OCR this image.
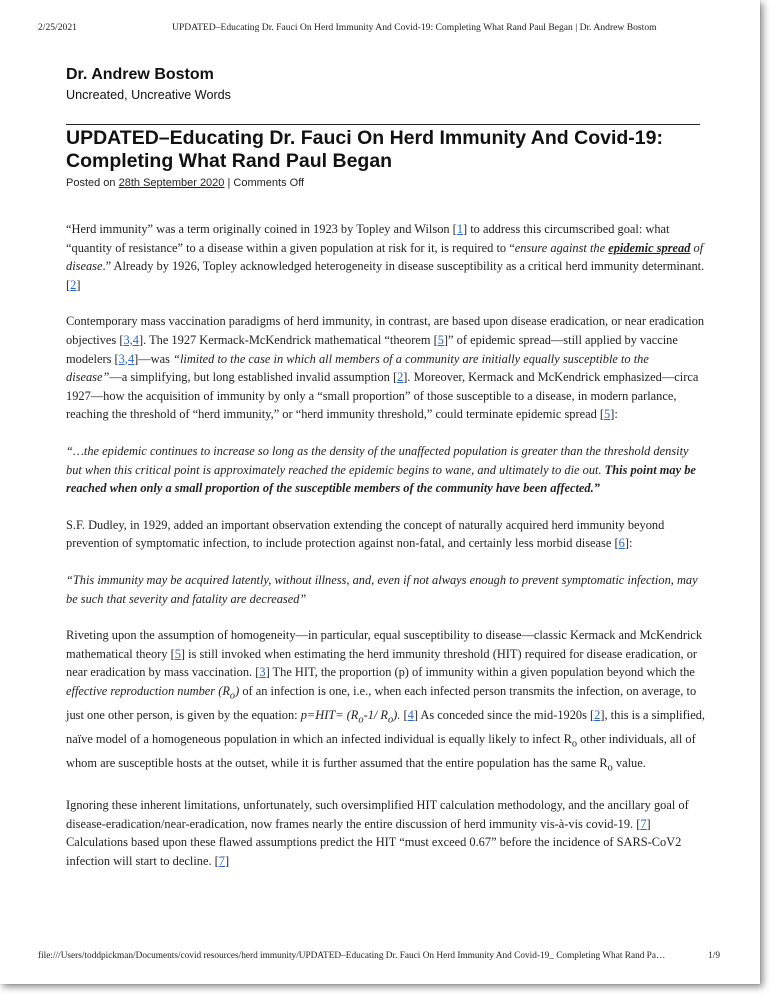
2/25/2021	UPDATED–Educating Dr. Fauci On Herd Immunity And Covid-19: Completing What Rand Paul Began | Dr. Andrew Bostom
Dr. Andrew Bostom
Uncreated, Uncreative Words
UPDATED–Educating Dr. Fauci On Herd Immunity And Covid-19: Completing What Rand Paul Began
Posted on 28th September 2020 | Comments Off

“Herd immunity” was a term originally coined in 1923 by Topley and Wilson [1] to address this circumscribed goal: what “quantity of resistance” to a disease within a given population at risk for it, is required to “ensure against the epidemic spread of disease.” Already by 1926, Topley acknowledged heterogeneity in disease susceptibility as a critical herd immunity determinant. [2]

Contemporary mass vaccination paradigms of herd immunity, in contrast, are based upon disease eradication, or near eradication objectives [3,4]. The 1927 Kermack-McKendrick mathematical “theorem [5]” of epidemic spread—still applied by vaccine modelers [3,4]—was “limited to the case in which all members of a community are initially equally susceptible to the disease”—a simplifying, but long established invalid assumption [2]. Moreover, Kermack and McKendrick emphasized—circa 1927—how the acquisition of immunity by only a “small proportion” of those susceptible to a disease, in modern parlance, reaching the threshold of “herd immunity,” or “herd immunity threshold,” could terminate epidemic spread [5]:

“…the epidemic continues to increase so long as the density of the unaffected population is greater than the threshold density but when this critical point is approximately reached the epidemic begins to wane, and ultimately to die out. This point may be reached when only a small proportion of the susceptible members of the community have been affected.”

S.F. Dudley, in 1929, added an important observation extending the concept of naturally acquired herd immunity beyond prevention of symptomatic infection, to include protection against non-fatal, and certainly less morbid disease [6]:

“This immunity may be acquired latently, without illness, and, even if not always enough to prevent symptomatic infection, may be such that severity and fatality are decreased”

Riveting upon the assumption of homogeneity—in particular, equal susceptibility to disease—classic Kermack and McKendrick mathematical theory [5] is still invoked when estimating the herd immunity threshold (HIT) required for disease eradication, or near eradication by mass vaccination. [3] The HIT, the proportion (p) of immunity within a given population beyond which the effective reproduction number $(R_o)$ of an infection is one, i.e., when each infected person transmits the infection, on average, to just one other person, is given by the equation: $p=HIT= (R_o-1/$ $R_o$). [4] As conceded since the mid-1920s [2], this is a simplified, naïve model of a homogeneous population in which an infected individual is equally likely to infect $R_o$ other individuals, all of whom are susceptible hosts at the outset, while it is further assumed that the entire population has the same $R_o$ value.

Ignoring these inherent limitations, unfortunately, such oversimplified HIT calculation methodology, and the ancillary goal of disease-eradication/near-eradication, now frames nearly the entire discussion of herd immunity vis-à-vis covid-19. [7] Calculations based upon these flawed assumptions predict the HIT “must exceed 0.67” before the incidence of SARS-CoV2 infection will start to decline. [7]

file:///Users/toddpickman/Documents/covid resources/herd immunity/UPDATED–Educating Dr. Fauci On Herd Immunity And Covid-19_ Completing What Rand Pa…	1/9
